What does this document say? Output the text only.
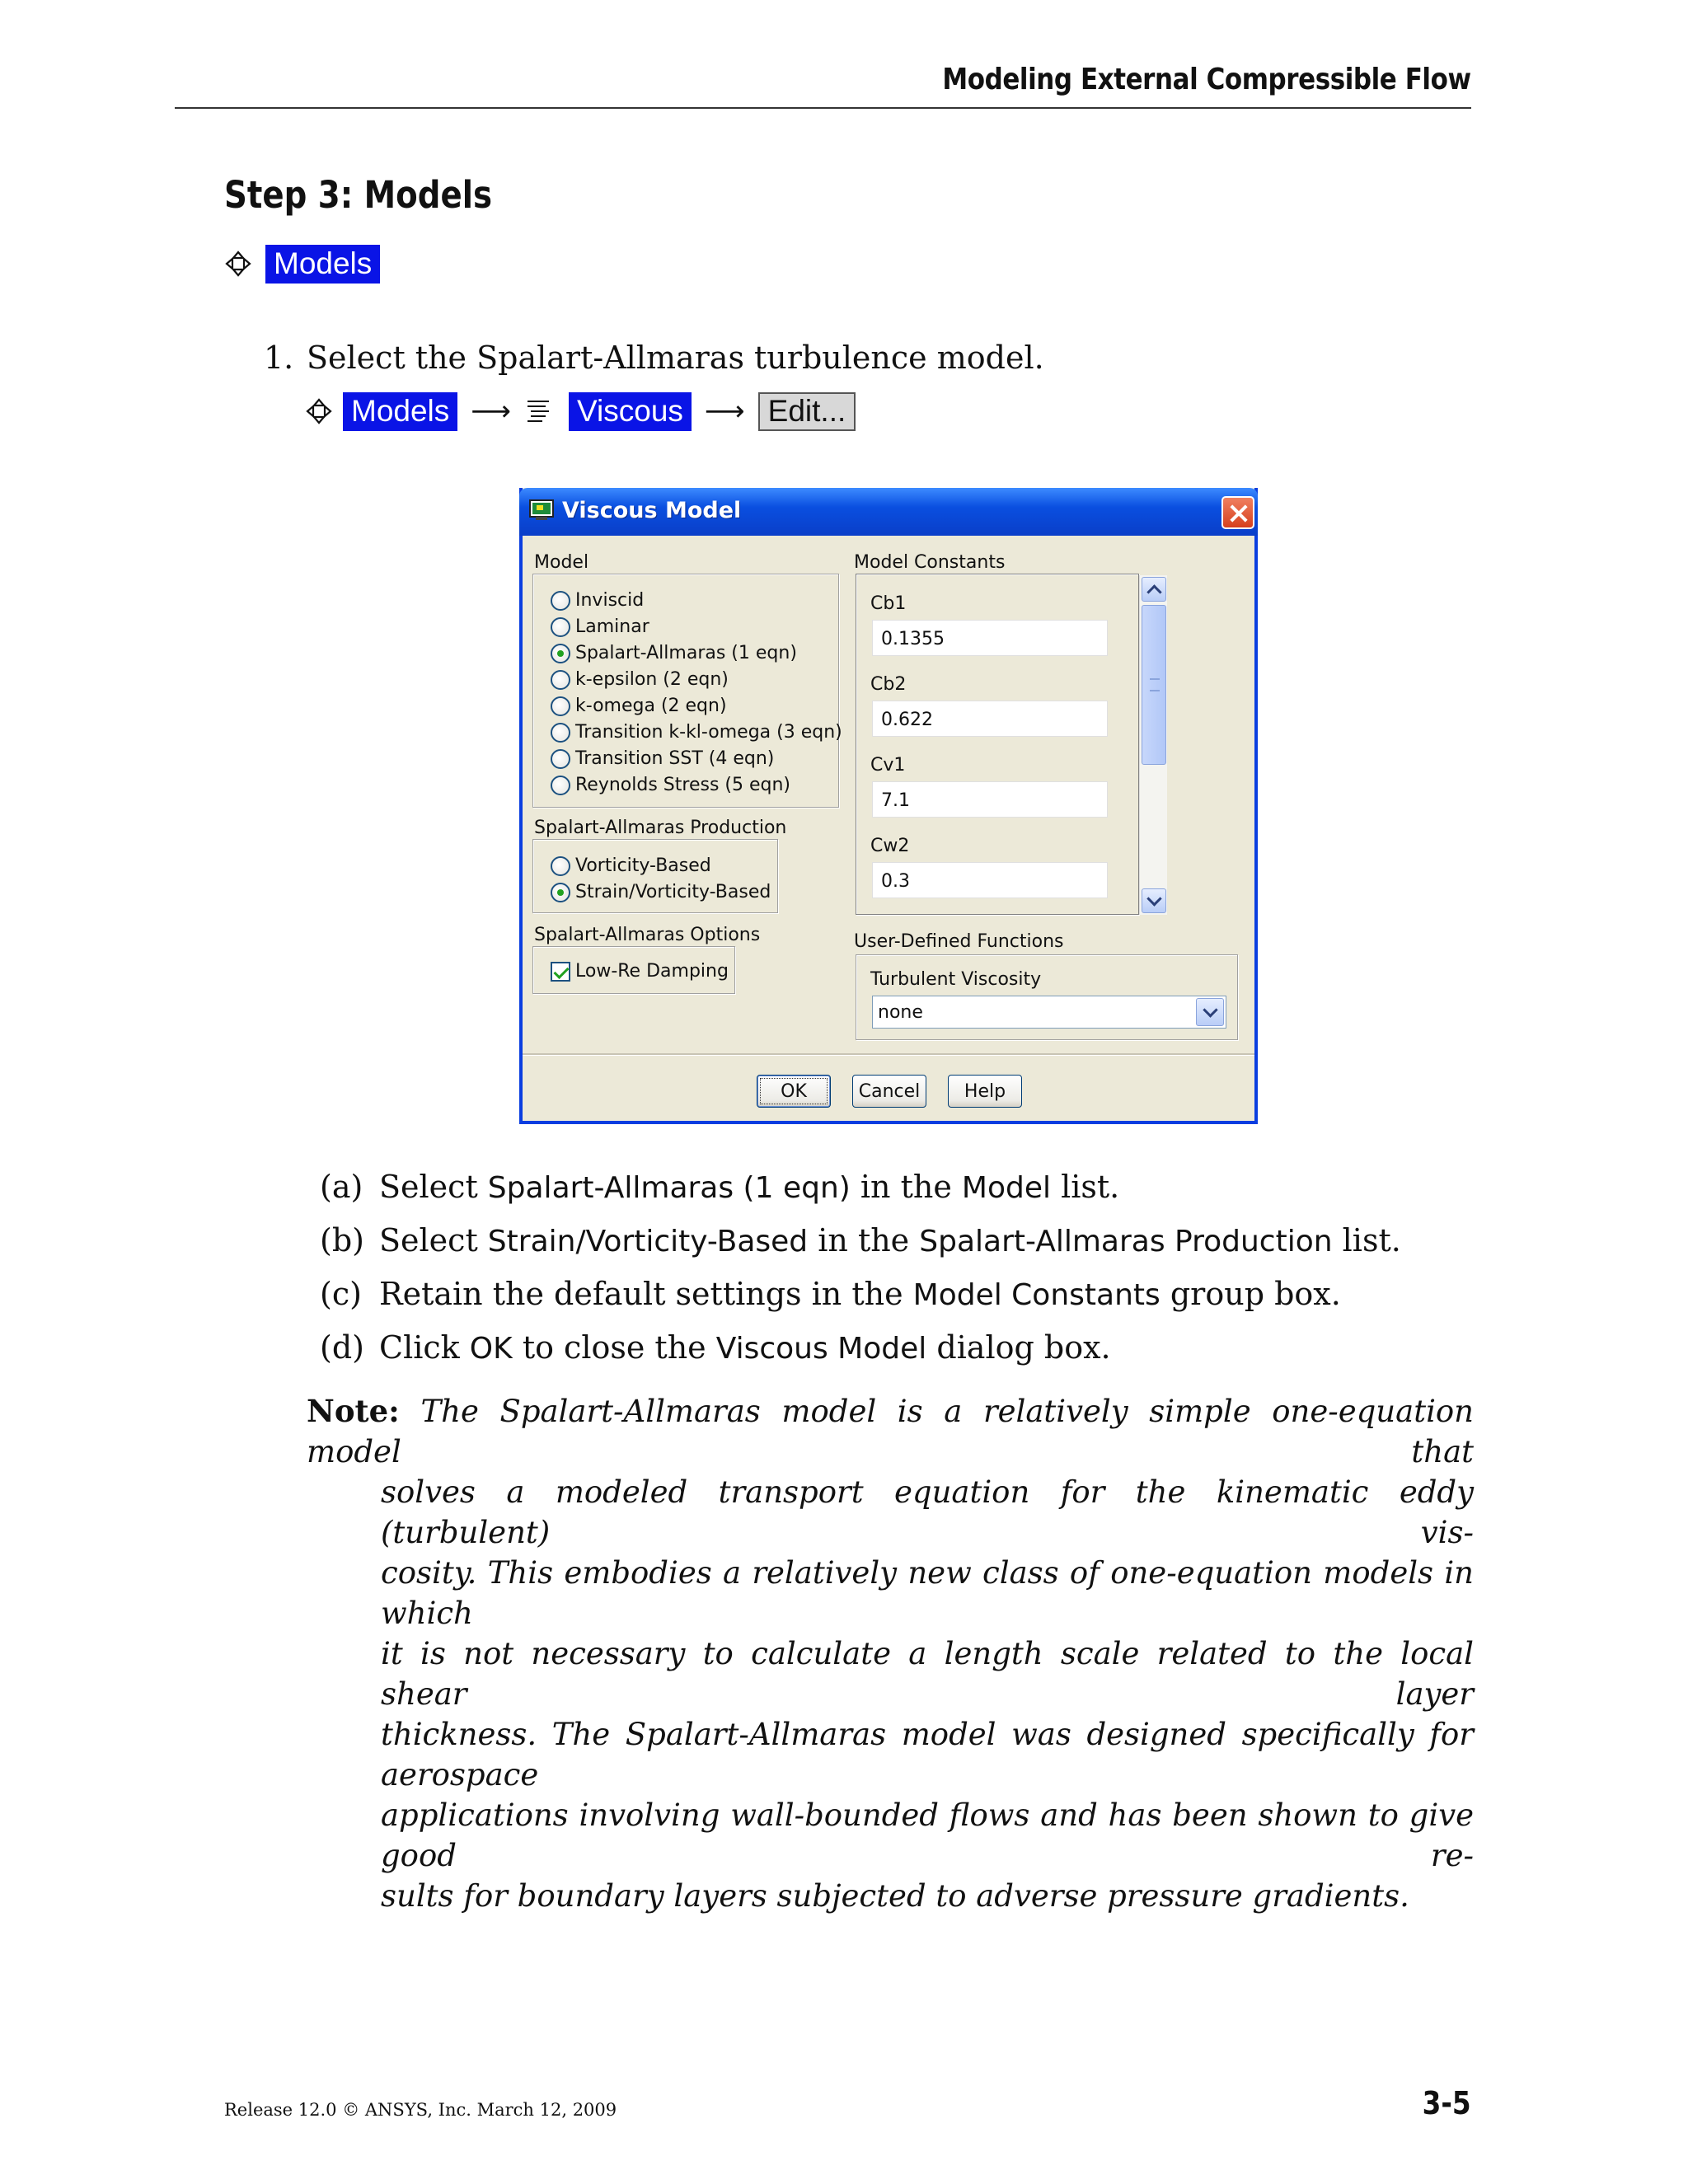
Modeling External Compressible Flow
Step 3: Models
Models
1. Select the Spalart-Allmaras turbulence model.
Models ⟶ Viscous ⟶ Edit...
Viscous Model
Model
Inviscid
Laminar
Spalart-Allmaras (1 eqn)
k-epsilon (2 eqn)
k-omega (2 eqn)
Transition k-kl-omega (3 eqn)
Transition SST (4 eqn)
Reynolds Stress (5 eqn)
Spalart-Allmaras Production
Vorticity-Based
Strain/Vorticity-Based
Spalart-Allmaras Options
Low-Re Damping
Model Constants
Cb1
0.1355
Cb2
0.622
Cv1
7.1
Cw2
0.3
User-Defined Functions
Turbulent Viscosity
none
OK	Cancel	Help
(a) Select Spalart-Allmaras (1 eqn) in the Model list.
(b) Select Strain/Vorticity-Based in the Spalart-Allmaras Production list.
(c) Retain the default settings in the Model Constants group box.
(d) Click OK to close the Viscous Model dialog box.
Note: The Spalart-Allmaras model is a relatively simple one-equation model that
solves a modeled transport equation for the kinematic eddy (turbulent) vis-
cosity. This embodies a relatively new class of one-equation models in which
it is not necessary to calculate a length scale related to the local shear layer
thickness. The Spalart-Allmaras model was designed specifically for aerospace
applications involving wall-bounded flows and has been shown to give good re-
sults for boundary layers subjected to adverse pressure gradients.
Release 12.0 © ANSYS, Inc. March 12, 2009	3-5
